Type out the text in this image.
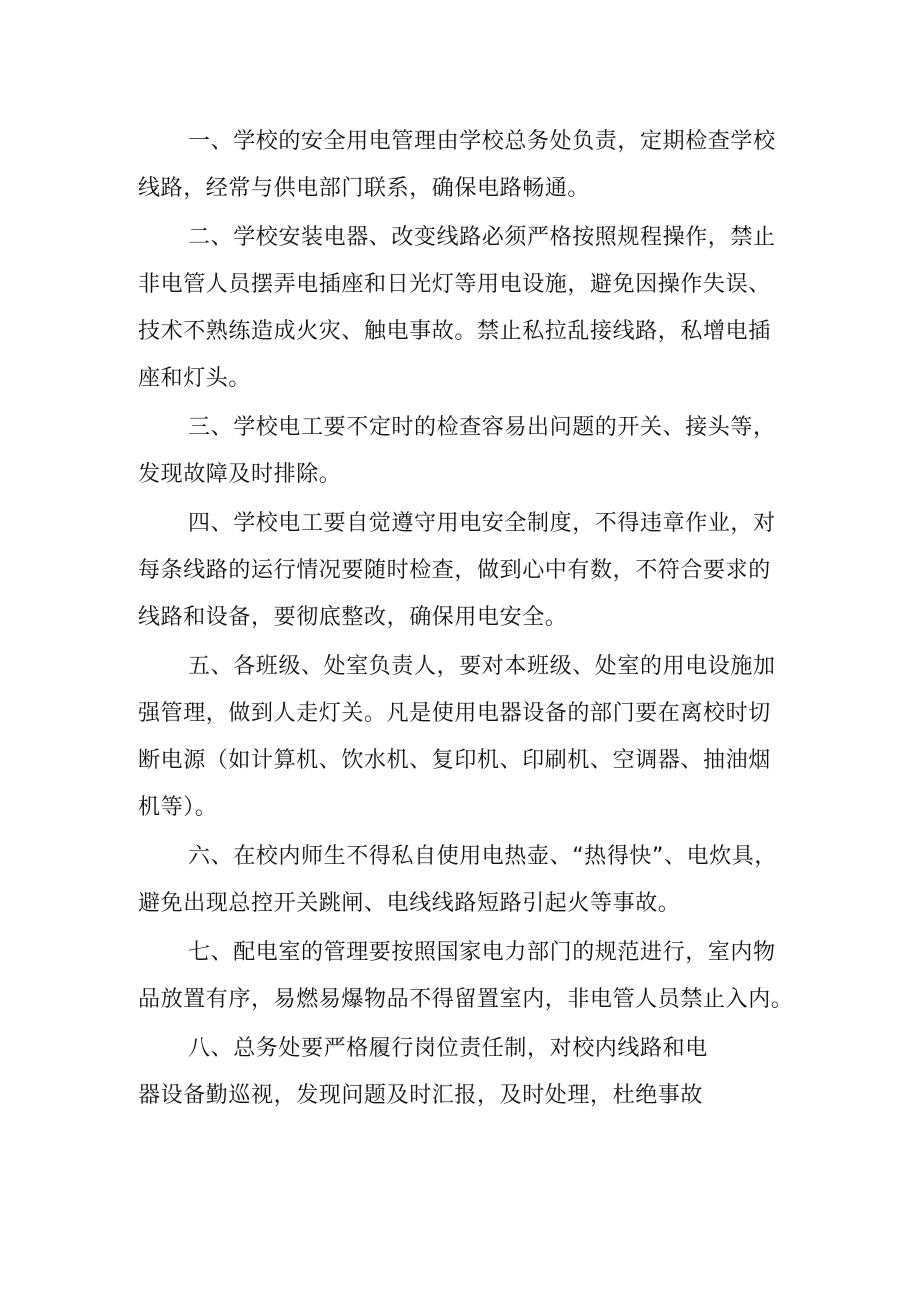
一、学校的安全用电管理由学校总务处负责，定期检查学校
线路，经常与供电部门联系，确保电路畅通。

二、学校安装电器、改变线路必须严格按照规程操作，禁止
非电管人员摆弄电插座和日光灯等用电设施，避免因操作失误、
技术不熟练造成火灾、触电事故。禁止私拉乱接线路，私增电插
座和灯头。

三、学校电工要不定时的检查容易出问题的开关、接头等，
发现故障及时排除。

四、学校电工要自觉遵守用电安全制度，不得违章作业，对
每条线路的运行情况要随时检查，做到心中有数，不符合要求的
线路和设备，要彻底整改，确保用电安全。

五、各班级、处室负责人，要对本班级、处室的用电设施加
强管理，做到人走灯关。凡是使用电器设备的部门要在离校时切
断电源（如计算机、饮水机、复印机、印刷机、空调器、抽油烟
机等）。

六、在校内师生不得私自使用电热壶、“热得快”、电炊具，
避免出现总控开关跳闸、电线线路短路引起火等事故。

七、配电室的管理要按照国家电力部门的规范进行，室内物
品放置有序，易燃易爆物品不得留置室内，非电管人员禁止入内。

八、总务处要严格履行岗位责任制，对校内线路和电
器设备勤巡视，发现问题及时汇报，及时处理，杜绝事故
